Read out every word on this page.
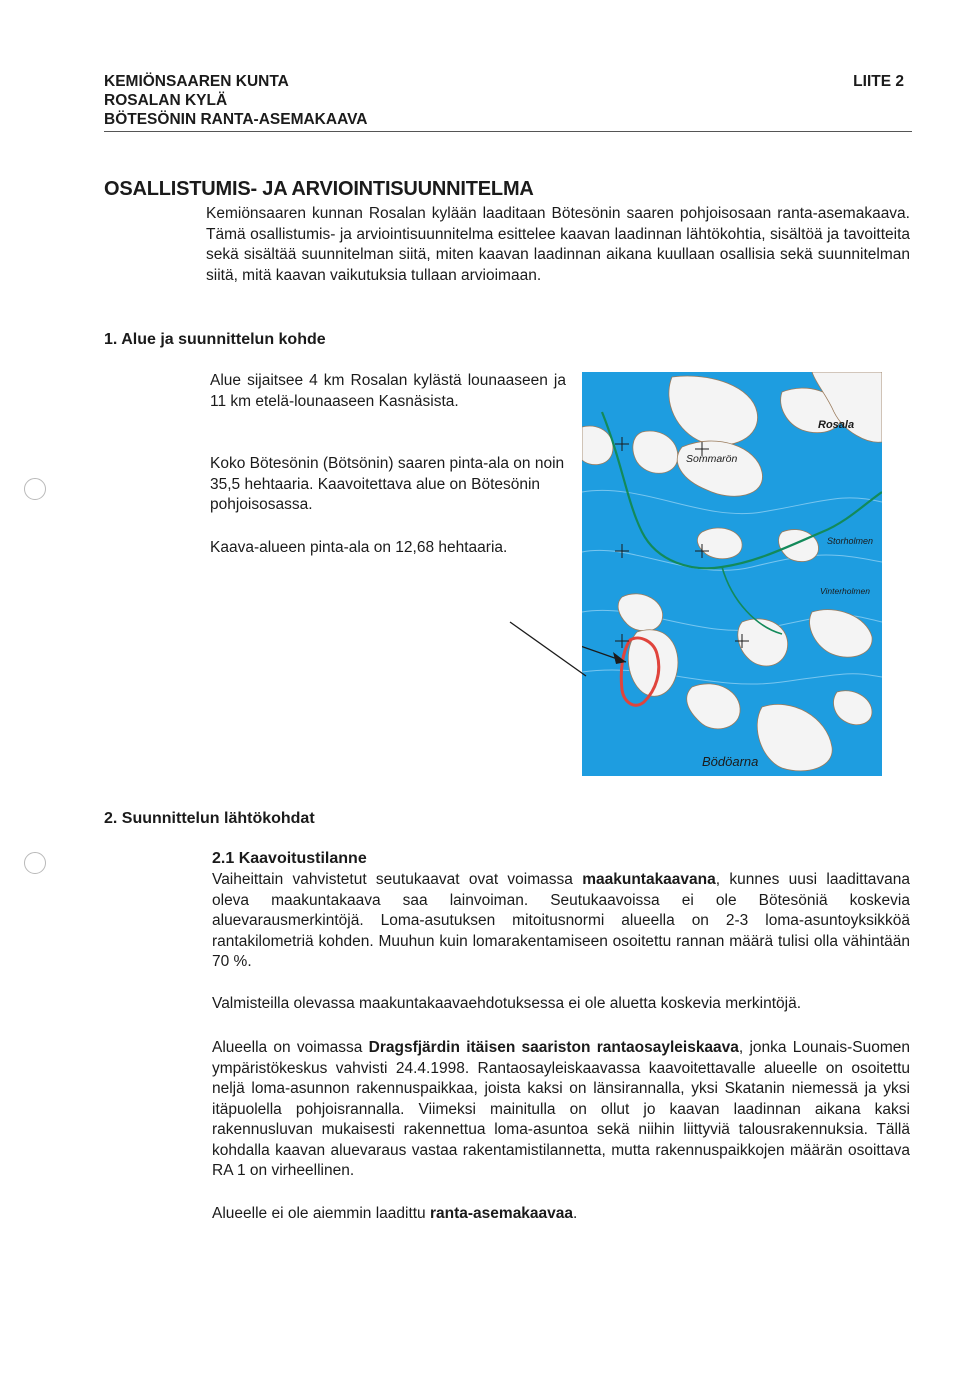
KEMIÖNSAAREN KUNTA
ROSALAN KYLÄ
BÖTESÖNIN RANTA-ASEMAKAAVA
LIITE 2
OSALLISTUMIS- JA ARVIOINTISUUNNITELMA
Kemiönsaaren kunnan Rosalan kylään laaditaan Bötesönin saaren pohjoisosaan ranta-asemakaava. Tämä osallistumis- ja arviointisuunnitelma esittelee kaavan laadinnan lähtökohtia, sisältöä ja tavoitteita sekä sisältää suunnitelman siitä, miten kaavan laadinnan aikana kuullaan osallisia sekä suunnitelman siitä, mitä kaavan vaikutuksia tullaan arvioimaan.
1. Alue ja suunnittelun kohde
Alue sijaitsee 4 km Rosalan kylästä lounaaseen ja 11 km etelä-lounaaseen Kasnäsista.
Koko Bötesönin (Bötsönin) saaren pinta-ala on noin 35,5 hehtaaria. Kaavoitettava alue on Bötesönin pohjoisosassa.
Kaava-alueen pinta-ala on 12,68 hehtaaria.
Rosala
Sommarön
Storholmen
Bödöarna
Vinterholmen
2. Suunnittelun lähtökohdat
2.1 Kaavoitustilanne
Vaiheittain vahvistetut seutukaavat ovat voimassa maakuntakaavana, kunnes uusi laadittavana oleva maakuntakaava saa lainvoiman. Seutukaavoissa ei ole Bötesöniä koskevia aluevarausmerkintöjä. Loma-asutuksen mitoitusnormi alueella on 2-3 loma-asuntoyksikköä rantakilometriä kohden. Muuhun kuin lomarakentamiseen osoitettu rannan määrä tulisi olla vähintään 70 %.
Valmisteilla olevassa maakuntakaavaehdotuksessa ei ole aluetta koskevia merkintöjä.
Alueella on voimassa Dragsfjärdin itäisen saariston rantaosayleiskaava, jonka Lounais-Suomen ympäristökeskus vahvisti 24.4.1998. Rantaosayleiskaavassa kaavoitettavalle alueelle on osoitettu neljä loma-asunnon rakennuspaikkaa, joista kaksi on länsirannalla, yksi Skatanin niemessä ja yksi itäpuolella pohjoisrannalla. Viimeksi mainitulla on ollut jo kaavan laadinnan aikana kaksi rakennusluvan mukaisesti rakennettua loma-asuntoa sekä niihin liittyviä talousrakennuksia. Tällä kohdalla kaavan aluevaraus vastaa rakentamistilannetta, mutta rakennuspaikkojen määrän osoittava RA 1 on virheellinen.
Alueelle ei ole aiemmin laadittu ranta-asemakaavaa.
